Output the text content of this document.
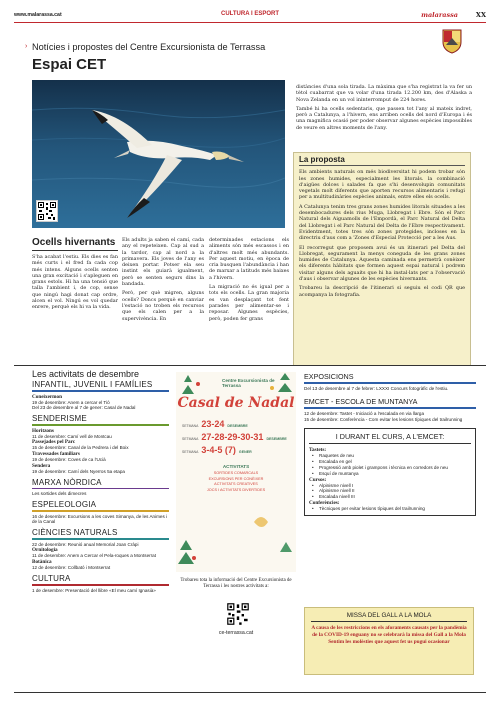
www.malarassa.cat	CULTURA I ESPORT	malarassa	XX
› Notícies i propostes del Centre Excursionista de Terrassa
Espai CET

distàncies d'una sola tirada. La màxima que s'ha registrat la va fer un tètol cuabarrat que va volar d'una tirada 12.200 km, des d'Alaska a Nova Zelanda en un vol ininterromput de 224 hores.

També hi ha ocells sedentaris, que passen tot l'any al mateix indret, però a Catalunya, a l'hivern, ens arriben ocells del nord d'Europa i és una magnífica ocasió per poder observar algunes espècies impossibles de veure en altres moments de l'any.

La proposta

Els ambients naturals on més biodiversitat hi podem trobar són les zones humides, especialment les litorals. la combinació d'aigües dolces i salades fa que s'hi desenvolupin comunitats vegetals molt diferents que aporten recursos alimentaris i refugi per a multitudinàries espècies animals, entre elles els ocells.

A Catalunya tenim tres grans zones humides litorals situades a les desembocadures dels rius Muga, Llobregat i Ebre. Són el Parc Natural dels Aiguamolls de l'Empordà, el Parc Natural del Delta del Llobregat i el Parc Natural del Delta de l'Ebre respectivament. Evidentment, totes tres són zones protegides, incloses en la directriu d'aus com a 'Zones d'Especial Protecció per a les Aus.

El recorregut que proposem avui és un itinerari pel Delta del Llobregat, segurament la menys coneguda de les grans zones humides de Catalunya. Aquesta caminada ens permetrà conèixer els diferents hàbitats que formen aquest espai natural i podrem visitar alguns dels aguaits que hi ha instal·lats per a l'observació d'aus i observar algunes de les espècies hivernants.

Trobareu la descripció de l'itinerari si seguiu el codi QR que acompanya la fotografia.

Ocells hivernants

S'ha acabat l'estiu. Els dies es fan més curts i el fred fa cada cop més intens. Alguns ocells senten una gran excitació i s'apleguen en grans estols. Hi ha una tensió que talla l'ambient i, de cop, sense que ningú hagi donat cap ordre, alcen el vol. Ningú es vol quedar enrere, perquè els hi va la vida.

Els adults ja saben el camí, cada any el repeteixen. Cap al sud a la tardor, cap al nord a la primavera. Els joves de l'any es deixen portar. Potser ela seu instint els guiarà igualment, però se senten segurs dins la bandada.

Però, per què migren, alguns ocells? Doncs perquè en canviar l'estació no troben els recursos que els calen per a la supervivència. En

determinades estacions els aliments són més escassos i en d'altres molt més abundants. Per aquest motiu, en època de cria busquen l'abundància i han de marxar a latituds més baixes a l'hivern.

La migració no és igual per a tots els ocells. La gran majoria es van desplaçant tot fent parades per alimentar-se i reposar. Algunes espècies, però, poden fer grans

Les activitats de desembre
INFANTIL, JUVENIL I FAMÍLIES
Coneixermon
19 de desembre: Anem a cercar el Tió
Del 23 de desembre al 7 de gener: Casal de Nadal
SENDERISME
Horitzons
11 de desembre: Camí vell de Montcau
Passejades pel Parc
15 de desembre: Canal de la Pedrera i del Boix
Travessades familiars
19 de desembre: Coves de ca l'Ucià
Sendera
19 de desembre: Camí dels Nyerros 5a etapa
MARXA NÒRDICA
Les sortides dels dimecres
ESPELEOLOGIA
16 de desembre: Excursions a les coves Simanya, de les Animes i de la Canal
CIÈNCIES NATURALS
22 de desembre: Reunió anual Memorial Joan Cràpi
Ornitologia
11 de desembre: Anem a Cercar el Pela-roques a Montserrat
Botànica
12 de desembre: Collbató i Montserrat
CULTURA
1 de desembre: Presentació del llibre «El meu camí Ignasià»
Centre Excursionista de Terrassa
Casal de Nadal
SETMANA 23-24 DESEMBRE
SETMANA 27-28-29-30-31 DESEMBRE
SETMANA 3-4-5 (7) GENER
ACTIVITATS
SORTIDES COMARCALS
EXCURSIONS PER CONÈIXER
ACTIVITATS CREATIVES
JOCS I ACTIVITATS DIVERTIDES

Trobareu tota la informació del Centre Excursionista de Terrassa i les nostres activitats a:

ce-terrassa.cat
EXPOSICIONS

Del 13 de desembre al 7 de febrer: LXXXI Concurs fotogràfic de l'estiu.

EMCET - ESCOLA DE MUNTANYA

12 de desembre: Tastet - Iniciació a l'escalada en via llarga

15 de desembre: Conferència - Com evitar les lesions típiques del trailrunning

I DURANT EL CURS, A L'EMCET:
Tastets:
• Raquetes de neu
• Escalada en gel
• Progressió amb piolet i grampons i tècnica en corredors de neu
• Esquí de muntanya
Cursos:
• Alpinisme nivell I
• Alpinisme nivell II
• Escalada nivell III
Conferències:
• Tècniques per evitar lesions típiques del trailrunning
MISSA DEL GALL A LA MOLA

A causa de les restriccions en els aforaments causats per la pandèmia de la COVID-19 enguany no se celebrarà la missa del Gall a la Mola Sentim les molèsties que aquest fet us pugui ocasionar
